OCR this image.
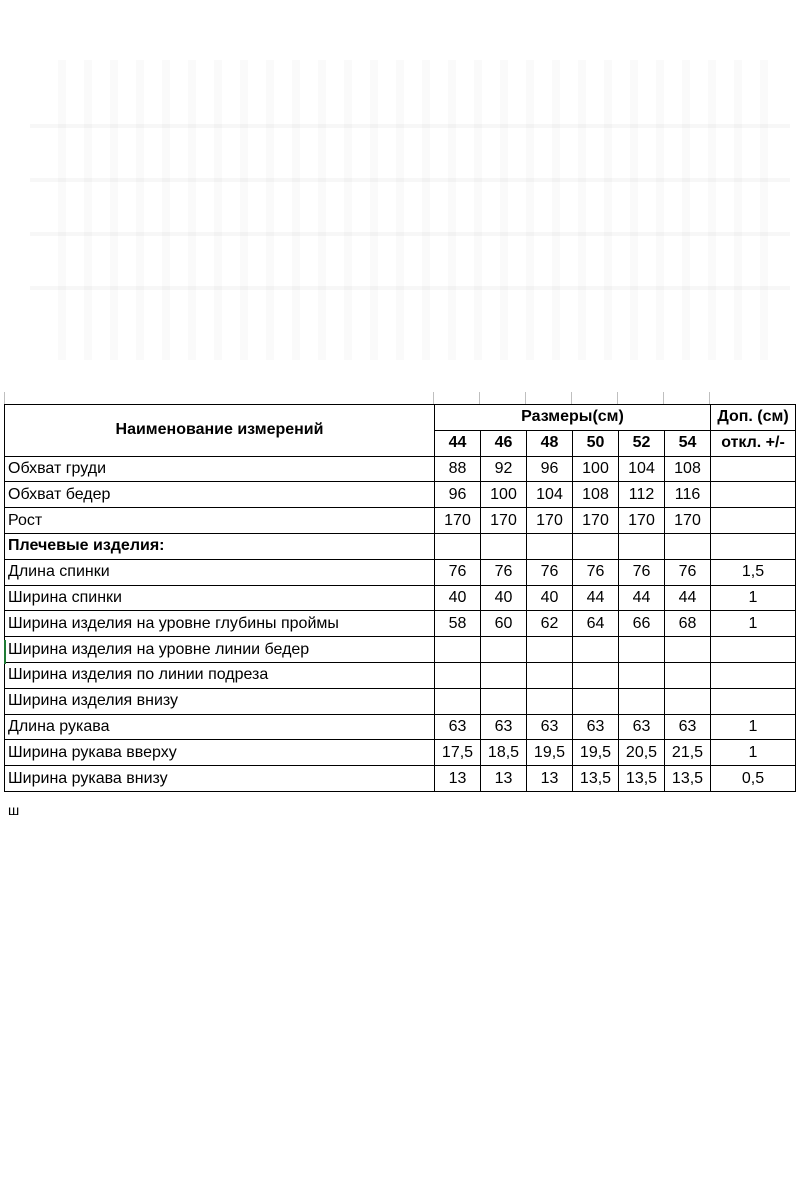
Наименование измерений	Размеры(см)						Доп. (см)
	44	46	48	50	52	54	откл. +/-
Обхват груди	88	92	96	100	104	108	
Обхват бедер	96	100	104	108	112	116	
Рост	170	170	170	170	170	170	
Плечевые изделия:							
Длина спинки	76	76	76	76	76	76	1,5
Ширина спинки	40	40	40	44	44	44	1
Ширина изделия на уровне глубины проймы	58	60	62	64	66	68	1
Ширина изделия на уровне линии бедер							
Ширина изделия по линии подреза							
Ширина изделия внизу							
Длина рукава	63	63	63	63	63	63	1
Ширина рукава вверху	17,5	18,5	19,5	19,5	20,5	21,5	1
Ширина рукава внизу	13	13	13	13,5	13,5	13,5	0,5
ш
